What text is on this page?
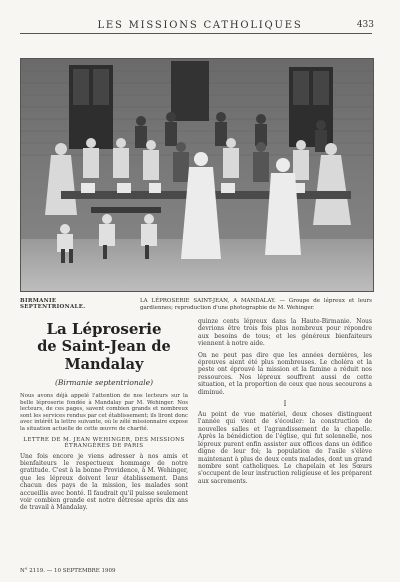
LES MISSIONS CATHOLIQUES	433
BIRMANIE SEPTENTRIONALE.
LA LÉPROSERIE SAINT-JEAN, A MANDALAY. — Groupe de lépreux et leurs gardiennes; reproduction d'une photographie de M. Wehinger.
La Léproserie
de Saint-Jean de Mandalay
(Birmanie septentrionale)

Nous avons déjà appelé l'attention de nos lecteurs sur la belle léproserie fondée à Mandalay par M. Wehinger. Nos lecteurs, de ces pages, savent combien grands et nombreux sont les services rendus par cet établissement; ils liront donc avec intérêt la lettre suivante, où le zélé missionnaire expose la situation actuelle de cette œuvre de charité.

LETTRE DE M. JEAN WEHINGER, DES MISSIONS ÉTRANGÈRES DE PARIS

Une fois encore je viens adresser à nos amis et bienfaiteurs le respectueux hommage de notre gratitude. C'est à la bonne Providence, à M. Wehinger, que les lépreux doivent leur établissement. Dans chacun des pays de la mission, les malades sont accueillis avec bonté. Il faudrait qu'il puisse seulement voir combien grande est notre détresse après dix ans de travail à Mandalay.

N° 2119. — 10 SEPTEMBRE 1909

quinze cents lépreux dans la Haute-Birmanie. Nous devrions être trois fois plus nombreux pour répondre aux besoins de tous; et les généreux bienfaiteurs viennent à notre aide.

On ne peut pas dire que les années dernières, les épreuves aient été plus nombreuses. Le choléra et la peste ont éprouvé la mission et la famine a réduit nos ressources. Nos lépreux souffrent aussi de cette situation, et la proportion de ceux que nous secourons a diminué.

I

Au point de vue matériel, deux choses distinguent l'année qui vient de s'écouler: la construction de nouvelles salles et l'agrandissement de la chapelle. Après la bénédiction de l'église, qui fut solennelle, nos lépreux purent enfin assister aux offices dans un édifice digne de leur foi; la population de l'asile s'élève maintenant à plus de deux cents malades, dont un grand nombre sont catholiques. Le chapelain et les Sœurs s'occupent de leur instruction religieuse et les préparent aux sacrements.
